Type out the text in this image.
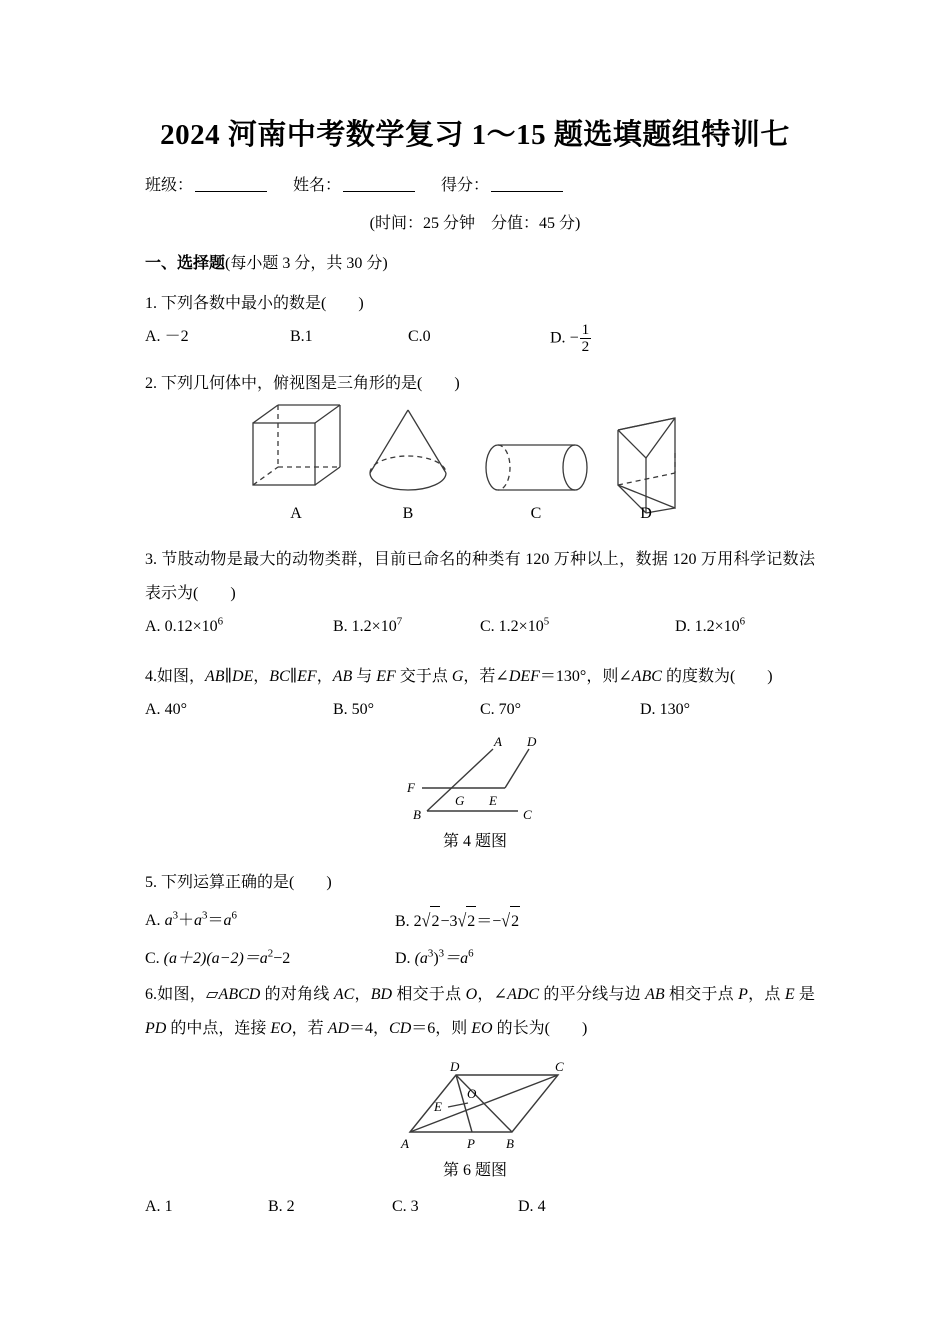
2024 河南中考数学复习 1～15 题选填题组特训七
班级：	姓名：	得分：
(时间：25 分钟　分值：45 分)
一、选择题(每小题 3 分，共 30 分)
1. 下列各数中最小的数是(　　)
A. －2	B.1	C.0	D. − $\frac{1}{2}$
2. 下列几何体中，俯视图是三角形的是(　　)
A	B	C	D
3. 节肢动物是最大的动物类群，目前已命名的种类有 120 万种以上，数据 120 万用科学记数法表示为(　　)
A. $0.12\times 10^6$	B. $1.2\times 10^7$	C. $1.2\times 10^5$	D. $1.2\times 10^6$
4.如图，AB∥DE，BC∥EF，AB 与 EF 交于点 G，若∠DEF＝130°，则∠ABC 的度数为(　　)
A. 40°	B. 50°	C. 70°	D. 130°
A D
F
G E
B	C
第 4 题图
5. 下列运算正确的是(　　)
A. $a^3+a^3=a^6$	B. 2√2−3√2＝−√2
C. $(a+2)(a-2)=a^2-2$	D. $(a^3)^3=a^6$
6.如图，▱ABCD 的对角线 AC，BD 相交于点 O，∠ADC 的平分线与边 AB 相交于点 P，点 E 是 PD 的中点，连接 EO，若 AD＝4，CD＝6，则 EO 的长为(　　)
D	C
O
E
A	P B
第 6 题图
A. 1	B. 2	C. 3	D. 4
